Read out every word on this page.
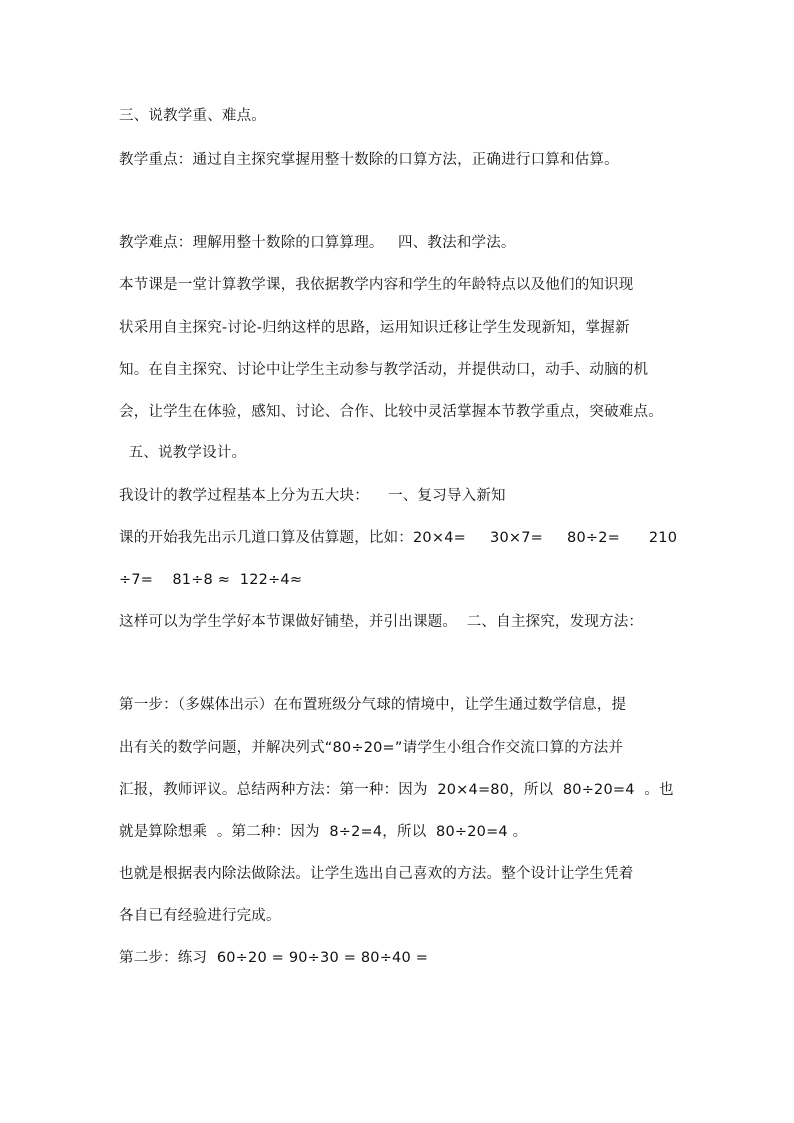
三、说教学重、难点。
教学重点：通过自主探究掌握用整十数除的口算方法，正确进行口算和估算。
教学难点：理解用整十数除的口算算理。   四、教法和学法。
本节课是一堂计算教学课，我依据教学内容和学生的年龄特点以及他们的知识现
状采用自主探究-讨论-归纳这样的思路，运用知识迁移让学生发现新知，掌握新
知。在自主探究、讨论中让学生主动参与教学活动，并提供动口，动手、动脑的机
会，让学生在体验，感知、讨论、合作、比较中灵活掌握本节教学重点，突破难点。
五、说教学设计。
我设计的教学过程基本上分为五大块：    一、复习导入新知
课的开始我先出示几道口算及估算题，比如：20×4=     30×7=     80÷2=      210
÷7=    81÷8 ≈  122÷4≈
这样可以为学生学好本节课做好铺垫，并引出课题。  二、自主探究，发现方法：
第一步：（多媒体出示）在布置班级分气球的情境中，让学生通过数学信息，提
出有关的数学问题，并解决列式“80÷20=”请学生小组合作交流口算的方法并
汇报，教师评议。总结两种方法：第一种：因为  20×4=80，所以  80÷20=4  。也
就是算除想乘  。第二种：因为  8÷2=4，所以  80÷20=4 。
也就是根据表内除法做除法。让学生选出自己喜欢的方法。整个设计让学生凭着
各自已有经验进行完成。
第二步：练习  60÷20 = 90÷30 = 80÷40 =
